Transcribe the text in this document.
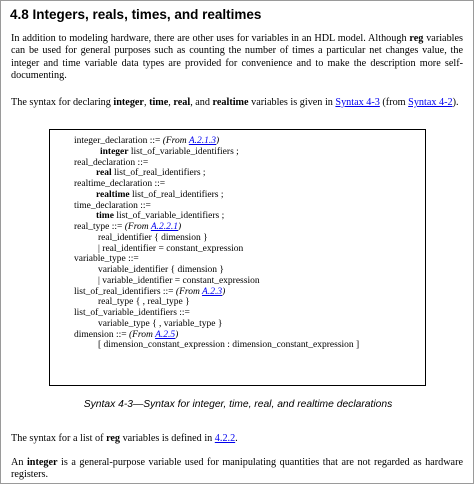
4.8 Integers, reals, times, and realtimes

In addition to modeling hardware, there are other uses for variables in an HDL model. Although reg variables can be used for general purposes such as counting the number of times a particular net changes value, the integer and time variable data types are provided for convenience and to make the description more self-documenting.

The syntax for declaring integer, time, real, and realtime variables is given in Syntax 4-3 (from Syntax 4-2).

integer_declaration ::= (From A.2.1.3)
integer list_of_variable_identifiers ;
real_declaration ::=
real list_of_real_identifiers ;
realtime_declaration ::=
realtime list_of_real_identifiers ;
time_declaration ::=
time list_of_variable_identifiers ;
real_type ::= (From A.2.2.1)
real_identifier { dimension }
| real_identifier = constant_expression
variable_type ::=
variable_identifier { dimension }
| variable_identifier = constant_expression
list_of_real_identifiers ::= (From A.2.3)
real_type { , real_type }
list_of_variable_identifiers ::=
variable_type { , variable_type }
dimension ::= (From A.2.5)
[ dimension_constant_expression : dimension_constant_expression ]
Syntax 4-3—Syntax for integer, time, real, and realtime declarations

The syntax for a list of reg variables is defined in 4.2.2.

An integer is a general-purpose variable used for manipulating quantities that are not regarded as hardware registers.
